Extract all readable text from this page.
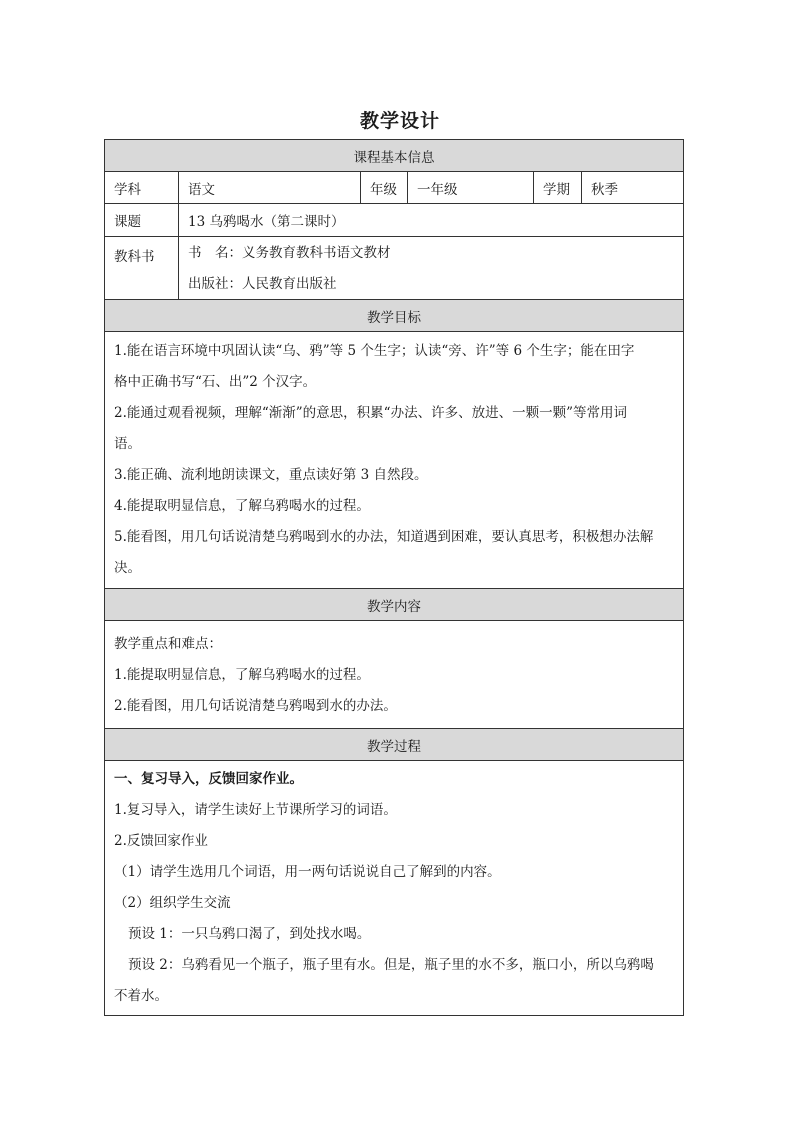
教学设计
课程基本信息
学科	语文	年级	一年级	学期	秋季
课题	13 乌鸦喝水（第二课时）
教科书	书　名：义务教育教科书语文教材
出版社：人民教育出版社
教学目标
1.能在语言环境中巩固认读“乌、鸦”等 5 个生字；认读“旁、许”等 6 个生字；能在田字
格中正确书写“石、出”2 个汉字。
2.能通过观看视频，理解“渐渐”的意思，积累“办法、许多、放进、一颗一颗”等常用词
语。
3.能正确、流利地朗读课文，重点读好第 3 自然段。
4.能提取明显信息，了解乌鸦喝水的过程。
5.能看图，用几句话说清楚乌鸦喝到水的办法，知道遇到困难，要认真思考，积极想办法解
决。
教学内容
教学重点和难点：
1.能提取明显信息，了解乌鸦喝水的过程。
2.能看图，用几句话说清楚乌鸦喝到水的办法。
教学过程
一、复习导入，反馈回家作业。
1.复习导入，请学生读好上节课所学习的词语。
2.反馈回家作业
（1）请学生选用几个词语，用一两句话说说自己了解到的内容。
（2）组织学生交流
预设 1：一只乌鸦口渴了，到处找水喝。
预设 2：乌鸦看见一个瓶子，瓶子里有水。但是，瓶子里的水不多，瓶口小，所以乌鸦喝
不着水。
